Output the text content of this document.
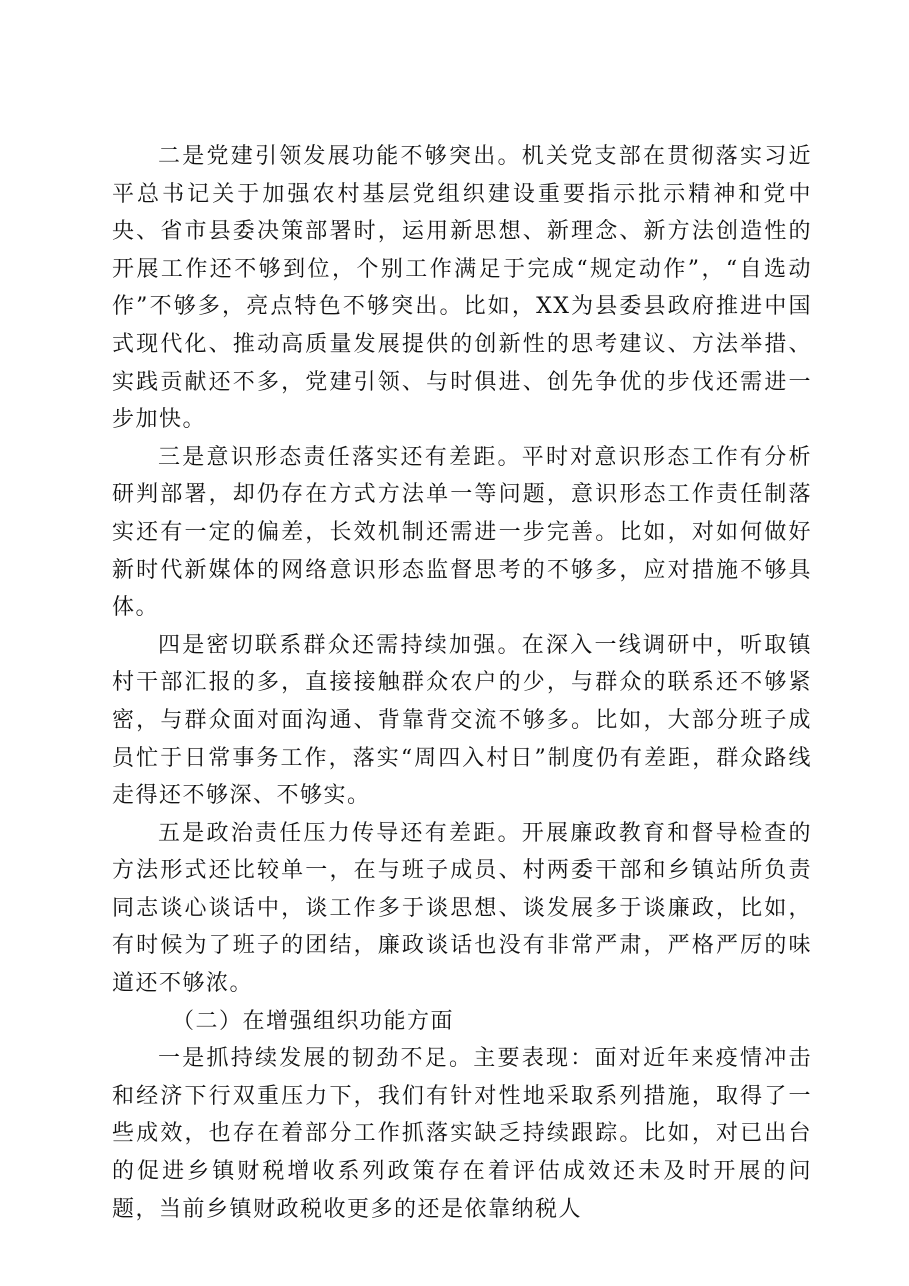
二是党建引领发展功能不够突出。机关党支部在贯彻落实习近平总书记关于加强农村基层党组织建设重要指示批示精神和党中央、省市县委决策部署时，运用新思想、新理念、新方法创造性的开展工作还不够到位，个别工作满足于完成“规定动作”，“自选动作”不够多，亮点特色不够突出。比如，XX为县委县政府推进中国式现代化、推动高质量发展提供的创新性的思考建议、方法举措、实践贡献还不多，党建引领、与时俱进、创先争优的步伐还需进一步加快。

三是意识形态责任落实还有差距。平时对意识形态工作有分析研判部署，却仍存在方式方法单一等问题，意识形态工作责任制落实还有一定的偏差，长效机制还需进一步完善。比如，对如何做好新时代新媒体的网络意识形态监督思考的不够多，应对措施不够具体。

四是密切联系群众还需持续加强。在深入一线调研中，听取镇村干部汇报的多，直接接触群众农户的少，与群众的联系还不够紧密，与群众面对面沟通、背靠背交流不够多。比如，大部分班子成员忙于日常事务工作，落实“周四入村日”制度仍有差距，群众路线走得还不够深、不够实。

五是政治责任压力传导还有差距。开展廉政教育和督导检查的方法形式还比较单一，在与班子成员、村两委干部和乡镇站所负责同志谈心谈话中，谈工作多于谈思想、谈发展多于谈廉政，比如，有时候为了班子的团结，廉政谈话也没有非常严肃，严格严厉的味道还不够浓。

（二）在增强组织功能方面

一是抓持续发展的韧劲不足。主要表现：面对近年来疫情冲击和经济下行双重压力下，我们有针对性地采取系列措施，取得了一些成效，也存在着部分工作抓落实缺乏持续跟踪。比如，对已出台的促进乡镇财税增收系列政策存在着评估成效还未及时开展的问题，当前乡镇财政税收更多的还是依靠纳税人
